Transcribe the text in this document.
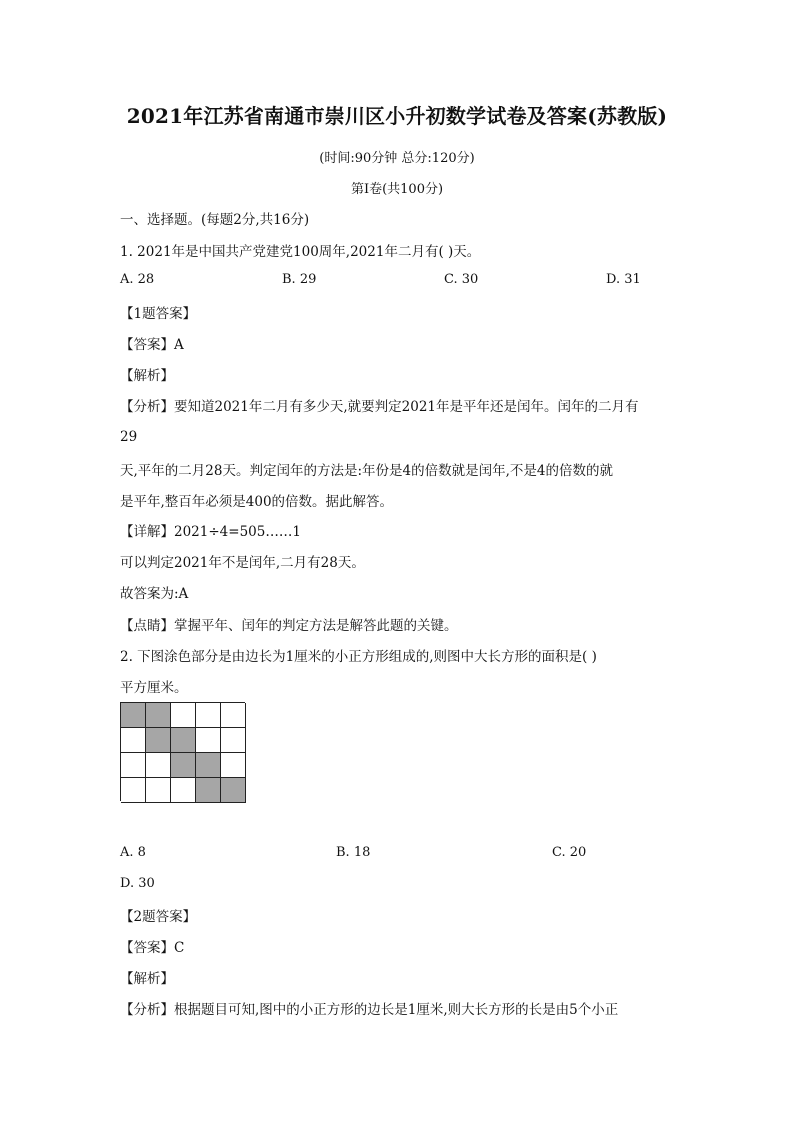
2021年江苏省南通市崇川区小升初数学试卷及答案(苏教版)
(时间:90分钟 总分:120分)
第Ⅰ卷(共100分)
一、选择题。(每题2分,共16分)
1. 2021年是中国共产党建党100周年,2021年二月有( )天。
A. 28	B. 29	C. 30	D. 31
【1题答案】
【答案】A
【解析】
【分析】要知道2021年二月有多少天,就要判定2021年是平年还是闰年。闰年的二月有
29
天,平年的二月28天。判定闰年的方法是:年份是4的倍数就是闰年,不是4的倍数的就
是平年,整百年必须是400的倍数。据此解答。
【详解】2021÷4=505……1
可以判定2021年不是闰年,二月有28天。
故答案为:A
【点睛】掌握平年、闰年的判定方法是解答此题的关键。
2. 下图涂色部分是由边长为1厘米的小正方形组成的,则图中大长方形的面积是( )
平方厘米。
A. 8	B. 18	C. 20
D. 30
【2题答案】
【答案】C
【解析】
【分析】根据题目可知,图中的小正方形的边长是1厘米,则大长方形的长是由5个小正
